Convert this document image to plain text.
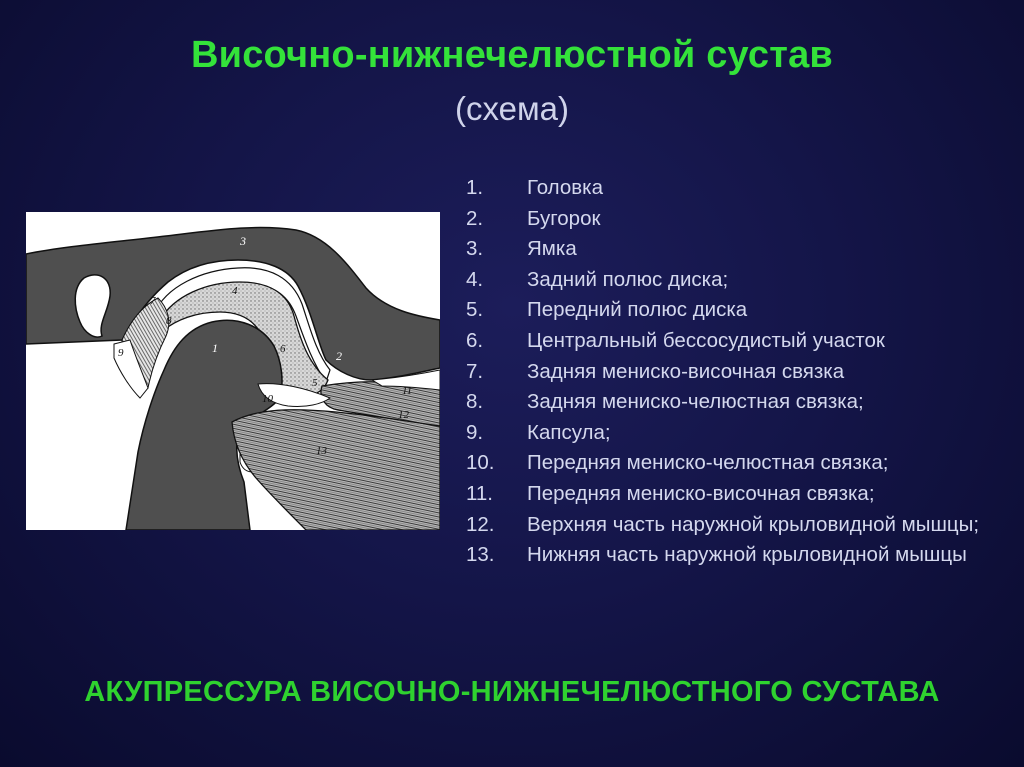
Височно-нижнечелюстной сустав
(схема)
3
4
7
8
1	6	2
5
9
10
11
12
13
1.	Головка
2.	Бугорок
3.	Ямка
4.	Задний полюс диска;
5.	Передний полюс диска
6.	Центральный бессосудистый участок
7.	Задняя мениско-височная связка
8.	Задняя мениско-челюстная связка;
9.	Капсула;
10.	Передняя мениско-челюстная связка;
11.	Передняя мениско-височная связка;
12.	Верхняя часть наружной крыловидной мышцы;
13.	Нижняя часть наружной крыловидной мышцы
АКУПРЕССУРА ВИСОЧНО-НИЖНЕЧЕЛЮСТНОГО СУСТАВА
